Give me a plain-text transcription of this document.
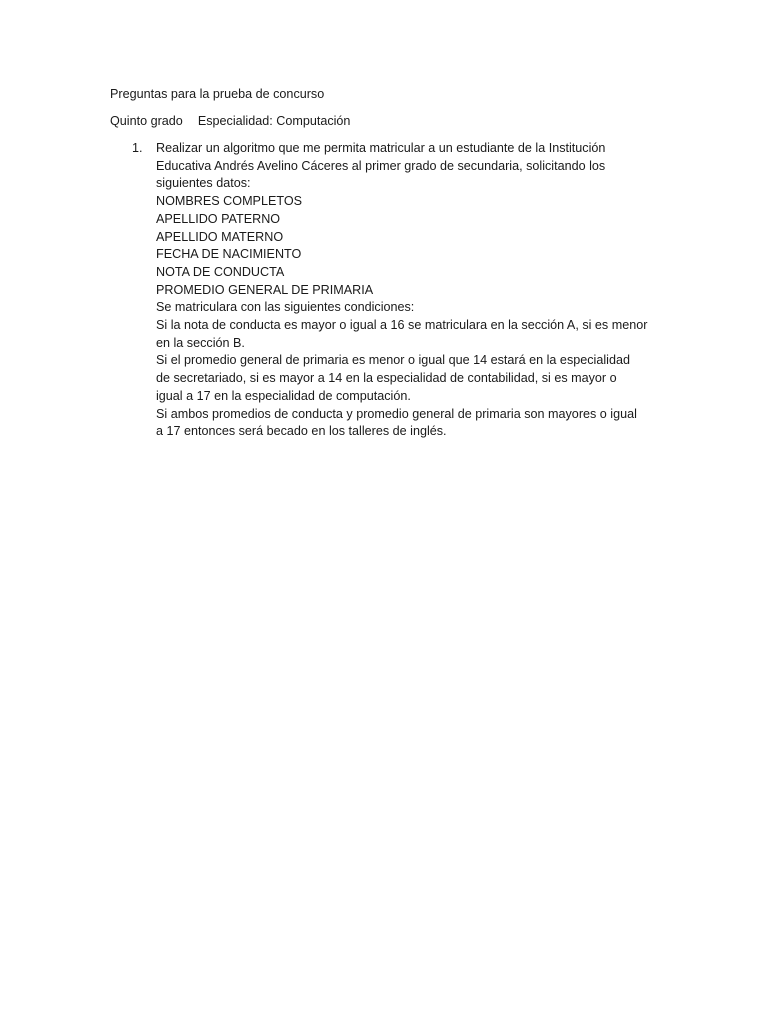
Preguntas para la prueba de concurso
Quinto grado Especialidad: Computación
1. Realizar un algoritmo que me permita matricular a un estudiante de la Institución
Educativa Andrés Avelino Cáceres al primer grado de secundaria, solicitando los
siguientes datos:
NOMBRES COMPLETOS
APELLIDO PATERNO
APELLIDO MATERNO
FECHA DE NACIMIENTO
NOTA DE CONDUCTA
PROMEDIO GENERAL DE PRIMARIA
Se matricularа con las siguientes condiciones:
Si la nota de conducta es mayor o igual a 16 se matricularа en la sección A, si es menor
en la sección B.
Si el promedio general de primaria es menor o igual que 14 estará en la especialidad
de secretariado, si es mayor a 14 en la especialidad de contabilidad, si es mayor o
igual a 17 en la especialidad de computación.
Si ambos promedios de conducta y promedio general de primaria son mayores o igual
a 17 entonces será becado en los talleres de inglés.
